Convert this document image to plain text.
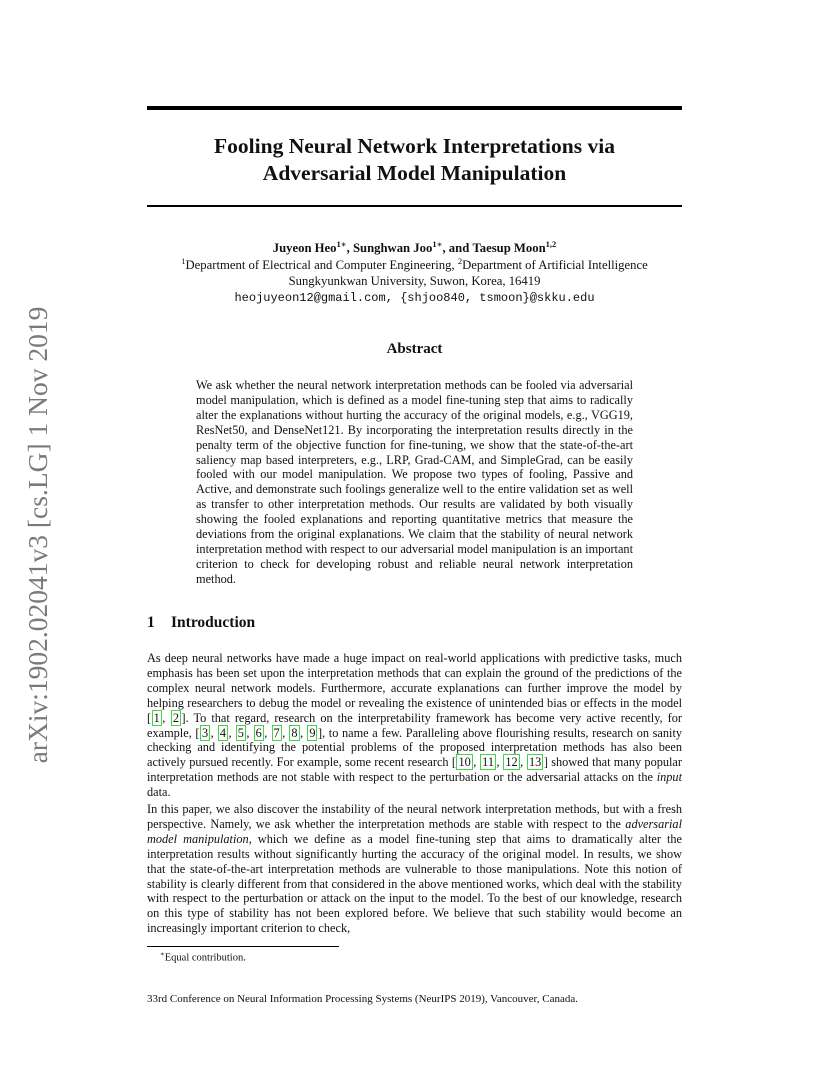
arXiv:1902.02041v3 [cs.LG] 1 Nov 2019
Fooling Neural Network Interpretations via
Adversarial Model Manipulation
Juyeon Heo$^{1∗}$, Sunghwan Joo$^{1∗}$, and Taesup Moon$^{1,2}$
$^1$Department of Electrical and Computer Engineering, $^2$Department of Artificial Intelligence
Sungkyunkwan University, Suwon, Korea, 16419
heojuyeon12@gmail.com, {shjoo840, tsmoon}@skku.edu
Abstract
We ask whether the neural network interpretation methods can be fooled via adversarial model manipulation, which is defined as a model fine-tuning step that aims to radically alter the explanations without hurting the accuracy of the original models, e.g., VGG19, ResNet50, and DenseNet121. By incorporating the interpretation results directly in the penalty term of the objective function for fine-tuning, we show that the state-of-the-art saliency map based interpreters, e.g., LRP, Grad-CAM, and SimpleGrad, can be easily fooled with our model manipulation. We propose two types of fooling, Passive and Active, and demonstrate such foolings generalize well to the entire validation set as well as transfer to other interpretation methods. Our results are validated by both visually showing the fooled explanations and reporting quantitative metrics that measure the deviations from the original explanations. We claim that the stability of neural network interpretation method with respect to our adversarial model manipulation is an important criterion to check for developing robust and reliable neural network interpretation method.
1 Introduction

As deep neural networks have made a huge impact on real-world applications with predictive tasks, much emphasis has been set upon the interpretation methods that can explain the ground of the predictions of the complex neural network models. Furthermore, accurate explanations can further improve the model by helping researchers to debug the model or revealing the existence of unintended bias or effects in the model [ 1 , 2 ]. To that regard, research on the interpretability framework has become very active recently, for example, [ 3 , 4 , 5 , 6 , 7 , 8 , 9 ], to name a few. Paralleling above flourishing results, research on sanity checking and identifying the potential problems of the proposed interpretation methods has also been actively pursued recently. For example, some recent research [ 10 , 11 , 12 , 13 ] showed that many popular interpretation methods are not stable with respect to the perturbation or the adversarial attacks on the input data.

In this paper, we also discover the instability of the neural network interpretation methods, but with a fresh perspective. Namely, we ask whether the interpretation methods are stable with respect to the adversarial model manipulation, which we define as a model fine-tuning step that aims to dramatically alter the interpretation results without significantly hurting the accuracy of the original model. In results, we show that the state-of-the-art interpretation methods are vulnerable to those manipulations. Note this notion of stability is clearly different from that considered in the above mentioned works, which deal with the stability with respect to the perturbation or attack on the input to the model. To the best of our knowledge, research on this type of stability has not been explored before. We believe that such stability would become an increasingly important criterion to check,

∗Equal contribution.
33rd Conference on Neural Information Processing Systems (NeurIPS 2019), Vancouver, Canada.
